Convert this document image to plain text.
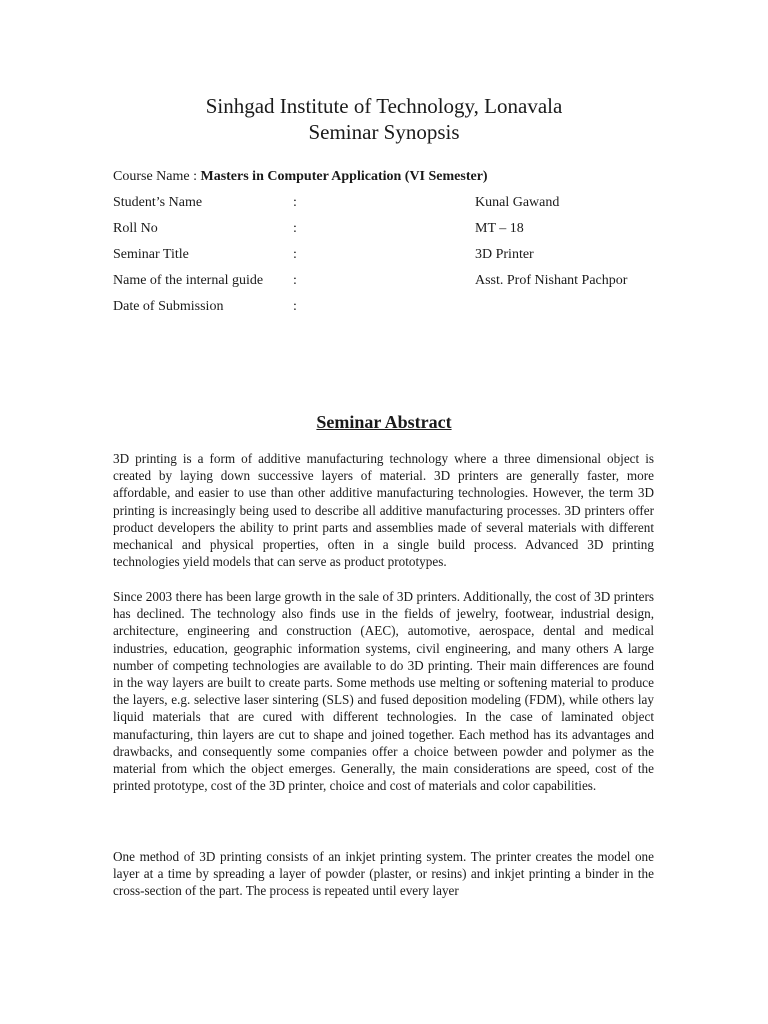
Sinhgad Institute of Technology, Lonavala
Seminar Synopsis
Course Name : Masters in Computer Application (VI Semester)
Student’s Name	:	Kunal Gawand
Roll No	:	MT – 18
Seminar Title	:	3D Printer
Name of the internal guide :	Asst. Prof Nishant Pachpor
Date of Submission	:
Seminar Abstract

3D printing is a form of additive manufacturing technology where a three dimensional object is created by laying down successive layers of material. 3D printers are generally faster, more affordable, and easier to use than other additive manufacturing technologies. However, the term 3D printing is increasingly being used to describe all additive manufacturing processes. 3D printers offer product developers the ability to print parts and assemblies made of several materials with different mechanical and physical properties, often in a single build process. Advanced 3D printing technologies yield models that can serve as product prototypes.

Since 2003 there has been large growth in the sale of 3D printers. Additionally, the cost of 3D printers has declined. The technology also finds use in the fields of jewelry, footwear, industrial design, architecture, engineering and construction (AEC), automotive, aerospace, dental and medical industries, education, geographic information systems, civil engineering, and many others A large number of competing technologies are available to do 3D printing. Their main differences are found in the way layers are built to create parts. Some methods use melting or softening material to produce the layers, e.g. selective laser sintering (SLS) and fused deposition modeling (FDM), while others lay liquid materials that are cured with different technologies. In the case of laminated object manufacturing, thin layers are cut to shape and joined together. Each method has its advantages and drawbacks, and consequently some companies offer a choice between powder and polymer as the material from which the object emerges. Generally, the main considerations are speed, cost of the printed prototype, cost of the 3D printer, choice and cost of materials and color capabilities.

One method of 3D printing consists of an inkjet printing system. The printer creates the model one layer at a time by spreading a layer of powder (plaster, or resins) and inkjet printing a binder in the cross-section of the part. The process is repeated until every layer
